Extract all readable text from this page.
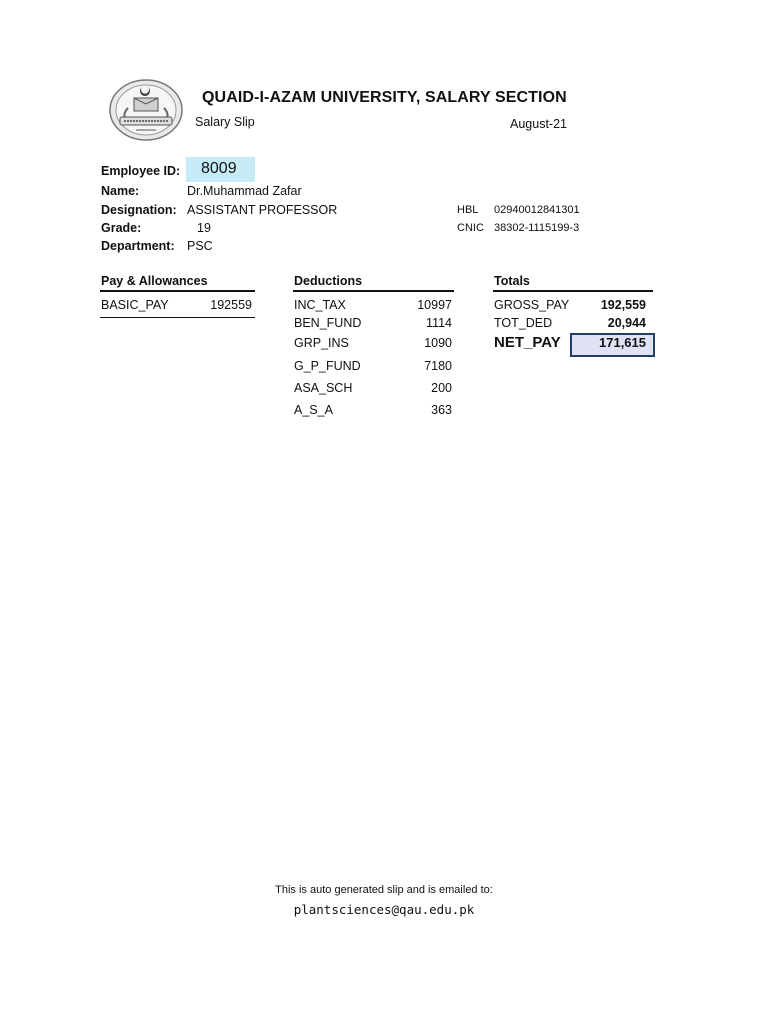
QUAID-I-AZAM UNIVERSITY, SALARY SECTION
Salary Slip	August-21
Employee ID: 8009
Name:	Dr.Muhammad Zafar
Designation: ASSISTANT PROFESSOR
Grade:	19
Department: PSC
HBL 02940012841301
CNIC 38302-1115199-3
Pay & Allowances
BASIC_PAY	192559
Deductions
INC_TAX	10997
BEN_FUND	1114
GRP_INS	1090
G_P_FUND	7180
ASA_SCH	200
A_S_A	363
Totals
GROSS_PAY	192,559
TOT_DED	20,944
NET_PAY	171,615
This is auto generated slip and is emailed to:
plantsciences@qau.edu.pk
